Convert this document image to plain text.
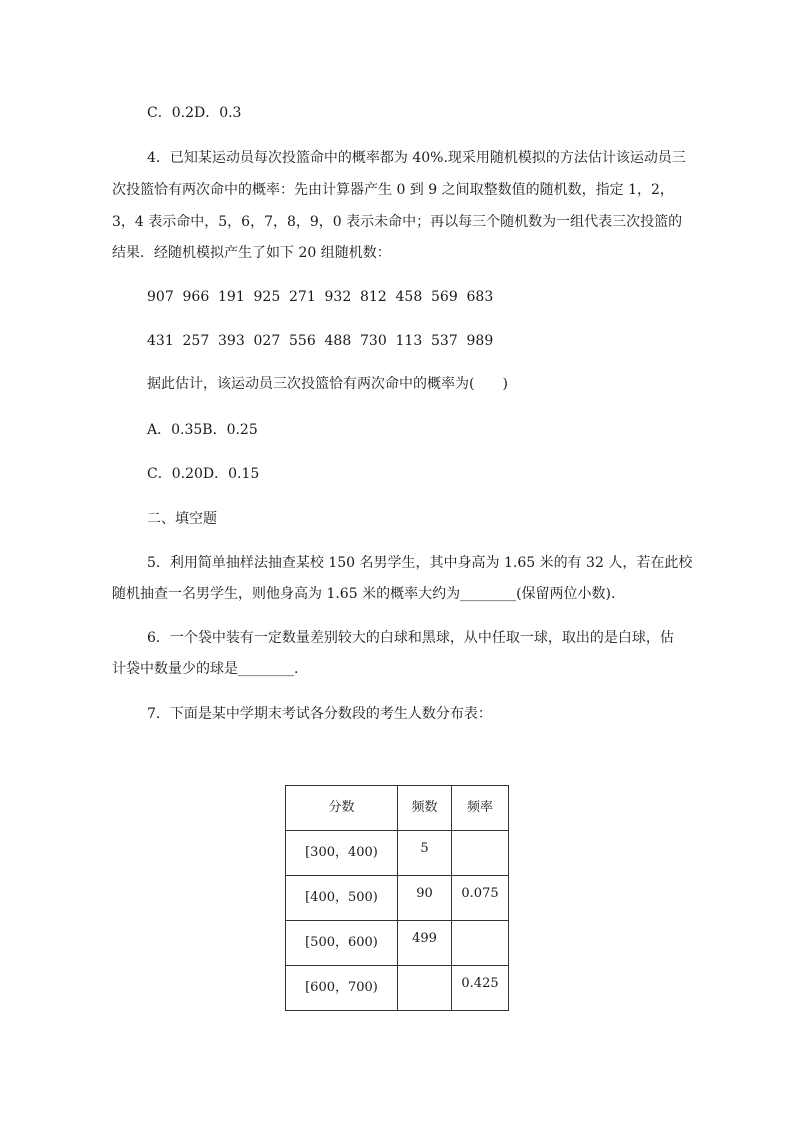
C．0.2D．0.3
4．已知某运动员每次投篮命中的概率都为 40%.现采用随机模拟的方法估计该运动员三
次投篮恰有两次命中的概率：先由计算器产生 0 到 9 之间取整数值的随机数，指定 1，2，
3，4 表示命中，5，6，7，8，9，0 表示未命中；再以每三个随机数为一组代表三次投篮的
结果．经随机模拟产生了如下 20 组随机数：
907 966 191 925 271 932 812 458 569 683
431 257 393 027 556 488 730 113 537 989
据此估计，该运动员三次投篮恰有两次命中的概率为(　　)
A．0.35B．0.25
C．0.20D．0.15
二、填空题
5．利用简单抽样法抽查某校 150 名男学生，其中身高为 1.65 米的有 32 人，若在此校
随机抽查一名男学生，则他身高为 1.65 米的概率大约为________(保留两位小数).
6．一个袋中装有一定数量差别较大的白球和黑球，从中任取一球，取出的是白球，估
计袋中数量少的球是________.
7．下面是某中学期末考试各分数段的考生人数分布表：
分数	频数	频率
[300，400)	5	
[400，500)	90	0.075
[500，600)	499	
[600，700)		0.425
